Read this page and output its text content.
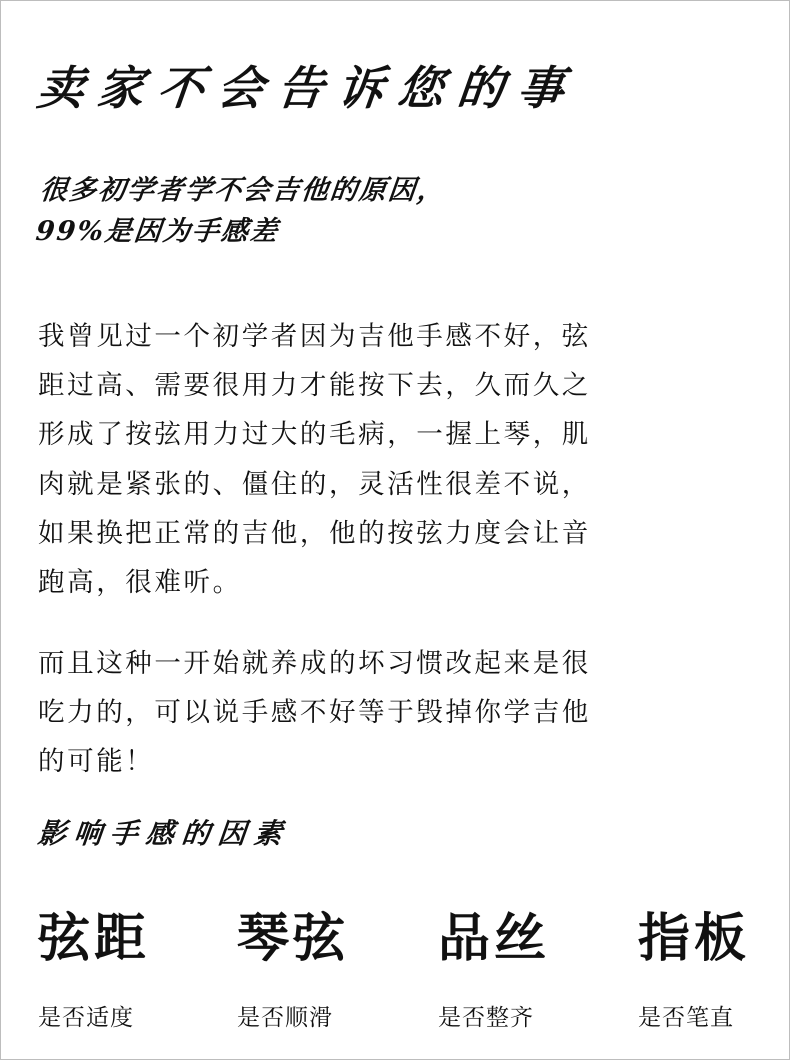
卖家不会告诉您的事
很多初学者学不会吉他的原因，
99%是因为手感差
我曾见过一个初学者因为吉他手感不好，弦
距过高、需要很用力才能按下去，久而久之
形成了按弦用力过大的毛病，一握上琴，肌
肉就是紧张的、僵住的，灵活性很差不说，
如果换把正常的吉他，他的按弦力度会让音
跑高，很难听。
而且这种一开始就养成的坏习惯改起来是很
吃力的，可以说手感不好等于毁掉你学吉他
的可能！
影响手感的因素
弦距
是否适度
琴弦
是否顺滑
品丝
是否整齐
指板
是否笔直
